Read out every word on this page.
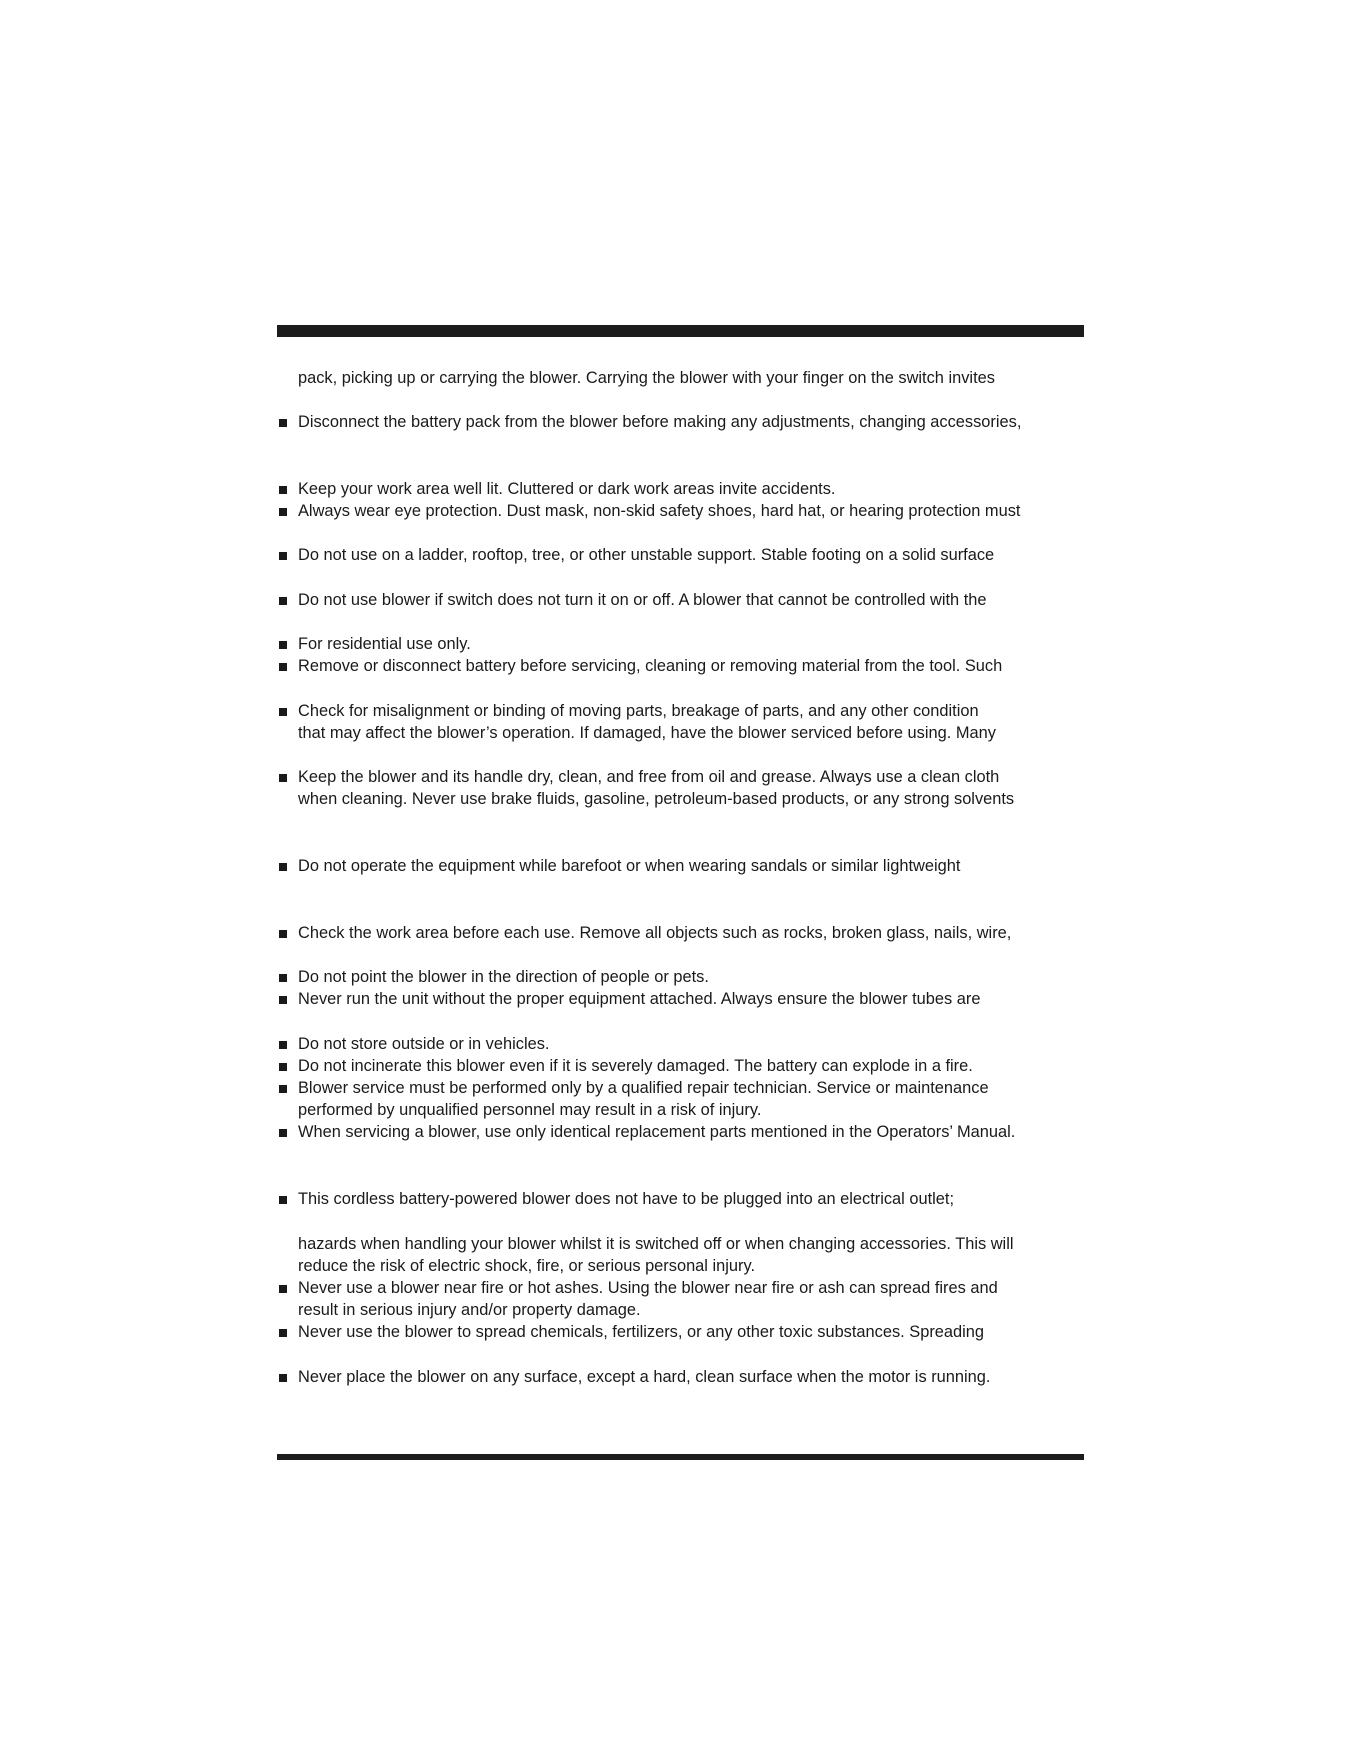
pack, picking up or carrying the blower. Carrying the blower with your finger on the switch invites
Disconnect the battery pack from the blower before making any adjustments, changing accessories,
Keep your work area well lit. Cluttered or dark work areas invite accidents.
Always wear eye protection. Dust mask, non-skid safety shoes, hard hat, or hearing protection must
Do not use on a ladder, rooftop, tree, or other unstable support. Stable footing on a solid surface
Do not use blower if switch does not turn it on or off. A blower that cannot be controlled with the
For residential use only.
Remove or disconnect battery before servicing, cleaning or removing material from the tool. Such
Check for misalignment or binding of moving parts, breakage of parts, and any other condition
that may affect the blower’s operation. If damaged, have the blower serviced before using. Many
Keep the blower and its handle dry, clean, and free from oil and grease. Always use a clean cloth
when cleaning. Never use brake fluids, gasoline, petroleum-based products, or any strong solvents
Do not operate the equipment while barefoot or when wearing sandals or similar lightweight
Check the work area before each use. Remove all objects such as rocks, broken glass, nails, wire,
Do not point the blower in the direction of people or pets.
Never run the unit without the proper equipment attached. Always ensure the blower tubes are
Do not store outside or in vehicles.
Do not incinerate this blower even if it is severely damaged. The battery can explode in a fire.
Blower service must be performed only by a qualified repair technician. Service or maintenance
performed by unqualified personnel may result in a risk of injury.
When servicing a blower, use only identical replacement parts mentioned in the Operators’ Manual.
This cordless battery-powered blower does not have to be plugged into an electrical outlet;
hazards when handling your blower whilst it is switched off or when changing accessories. This will
reduce the risk of electric shock, fire, or serious personal injury.
Never use a blower near fire or hot ashes. Using the blower near fire or ash can spread fires and
result in serious injury and/or property damage.
Never use the blower to spread chemicals, fertilizers, or any other toxic substances. Spreading
Never place the blower on any surface, except a hard, clean surface when the motor is running.
